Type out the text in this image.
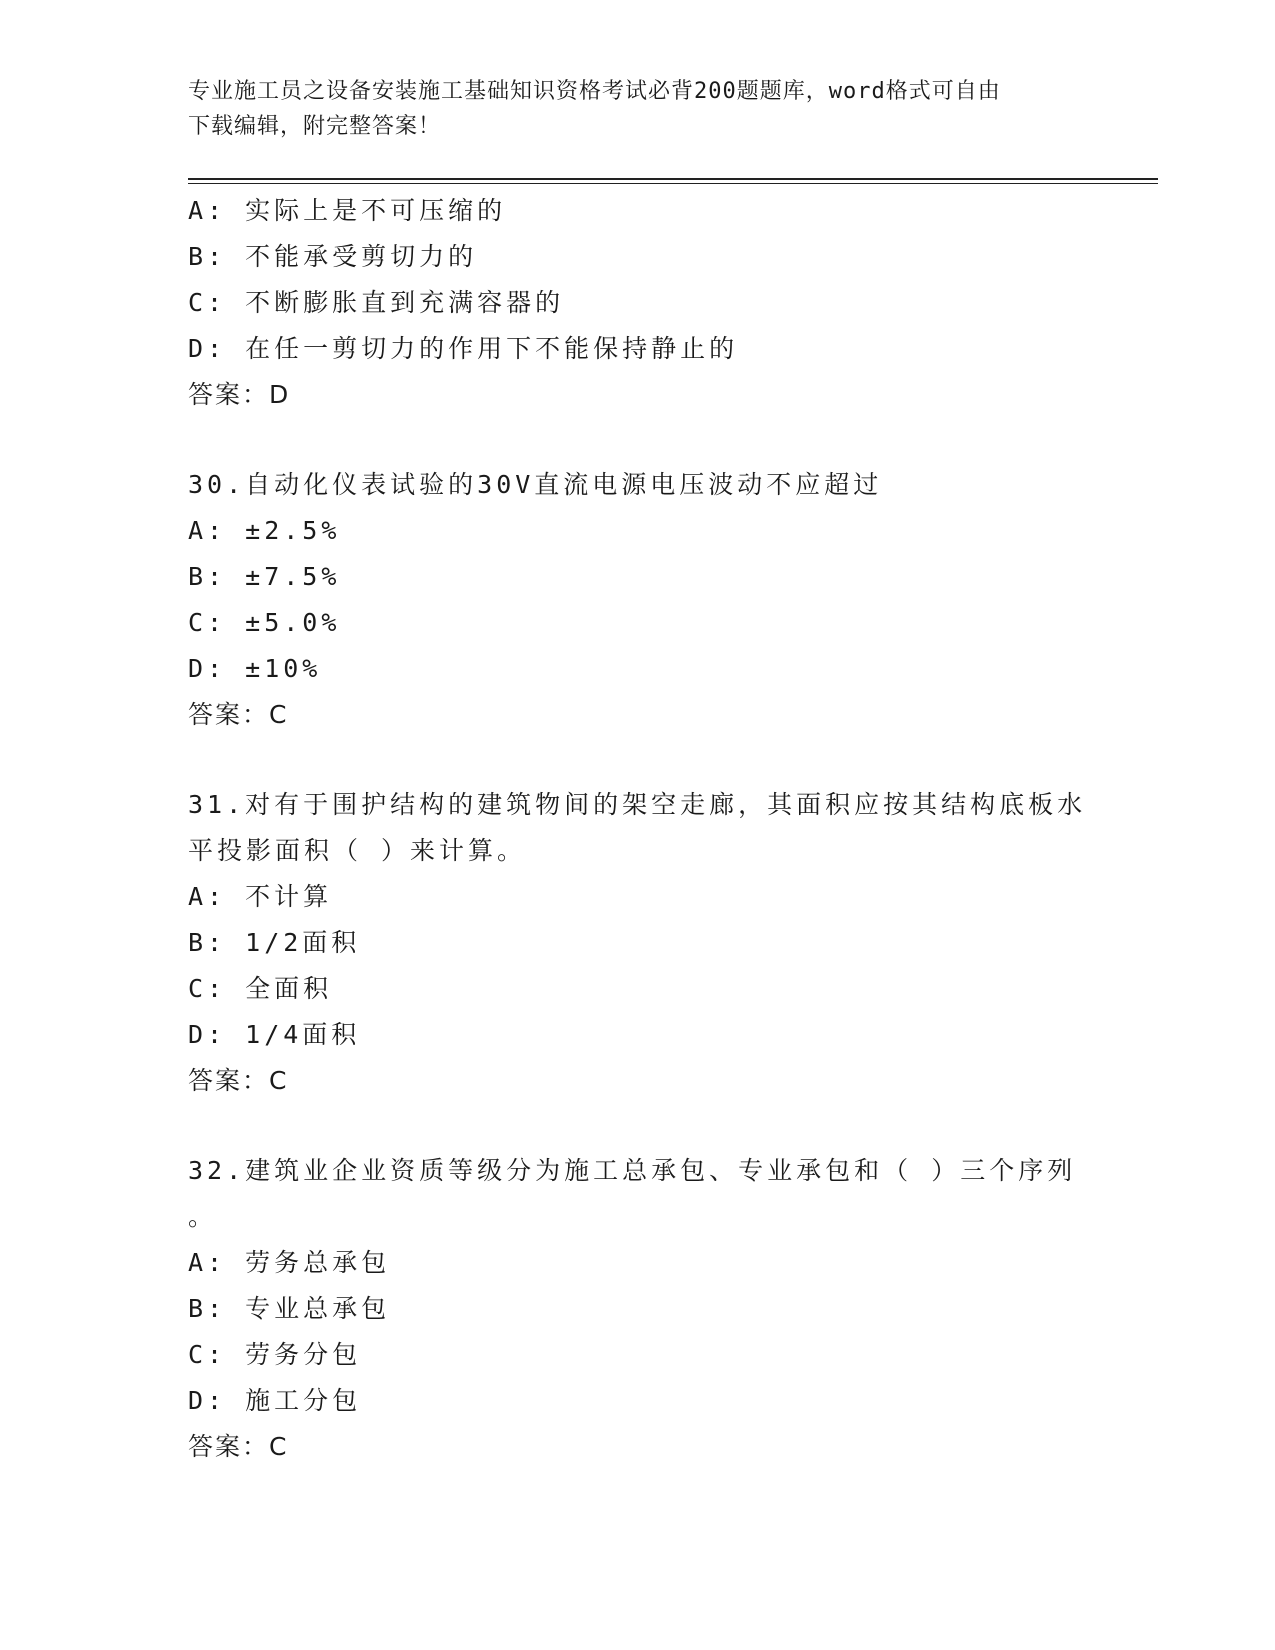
专业施工员之设备安装施工基础知识资格考试必背200题题库，word格式可自由
下载编辑，附完整答案！
A: 实际上是不可压缩的
B: 不能承受剪切力的
C: 不断膨胀直到充满容器的
D: 在任一剪切力的作用下不能保持静止的
答案：D
30.自动化仪表试验的30V直流电源电压波动不应超过
A: ±2.5%
B: ±7.5%
C: ±5.0%
D: ±10%
答案：C
31.对有于围护结构的建筑物间的架空走廊，其面积应按其结构底板水
平投影面积（ ）来计算。
A: 不计算
B: 1/2面积
C: 全面积
D: 1/4面积
答案：C
32.建筑业企业资质等级分为施工总承包、专业承包和（ ）三个序列
。
A: 劳务总承包
B: 专业总承包
C: 劳务分包
D: 施工分包
答案：C
